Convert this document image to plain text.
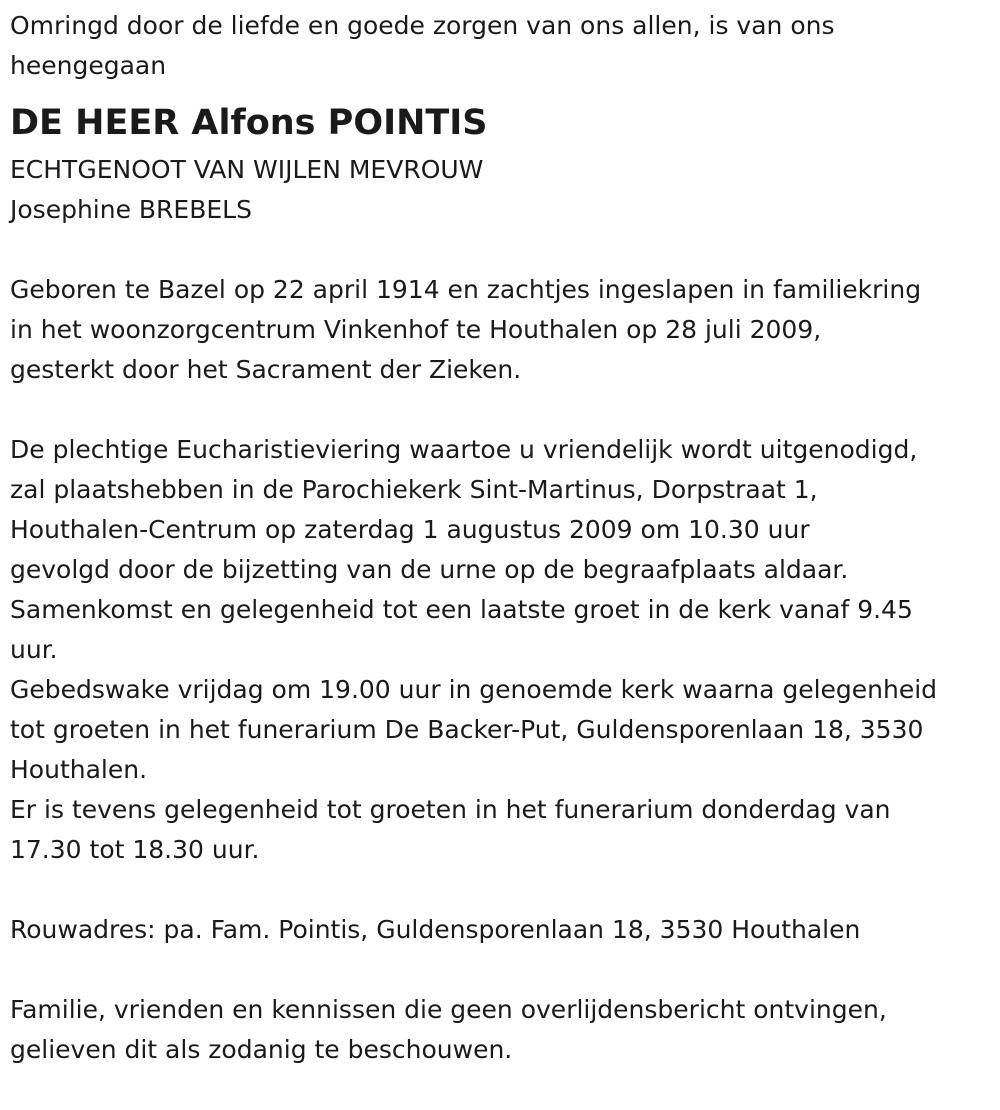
Omringd door de liefde en goede zorgen van ons allen, is van ons
heengegaan
DE HEER Alfons POINTIS
ECHTGENOOT VAN WIJLEN MEVROUW
Josephine BREBELS
Geboren te Bazel op 22 april 1914 en zachtjes ingeslapen in familiekring
in het woonzorgcentrum Vinkenhof te Houthalen op 28 juli 2009,
gesterkt door het Sacrament der Zieken.
De plechtige Eucharistieviering waartoe u vriendelijk wordt uitgenodigd,
zal plaatshebben in de Parochiekerk Sint-Martinus, Dorpstraat 1,
Houthalen-Centrum op zaterdag 1 augustus 2009 om 10.30 uur
gevolgd door de bijzetting van de urne op de begraafplaats aldaar.
Samenkomst en gelegenheid tot een laatste groet in de kerk vanaf 9.45
uur.
Gebedswake vrijdag om 19.00 uur in genoemde kerk waarna gelegenheid
tot groeten in het funerarium De Backer-Put, Guldensporenlaan 18, 3530
Houthalen.
Er is tevens gelegenheid tot groeten in het funerarium donderdag van
17.30 tot 18.30 uur.
Rouwadres: pa. Fam. Pointis, Guldensporenlaan 18, 3530 Houthalen
Familie, vrienden en kennissen die geen overlijdensbericht ontvingen,
gelieven dit als zodanig te beschouwen.
